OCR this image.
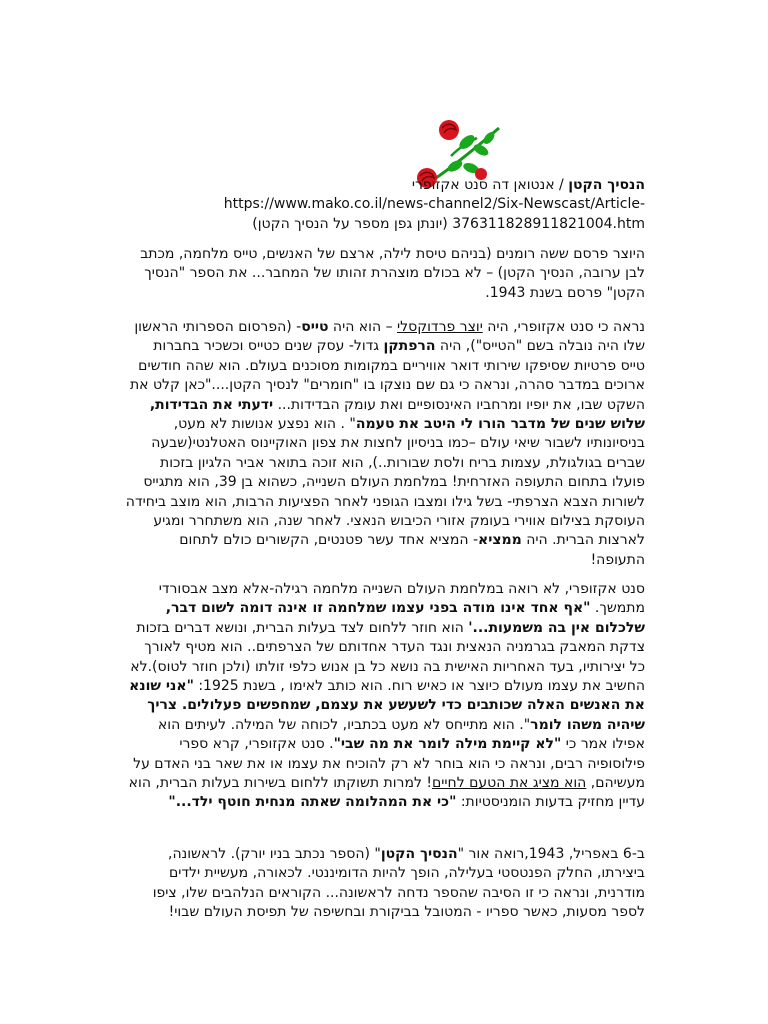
הנסיך הקטן / אנטואן דה סנט אקזופרי

https://www.mako.co.il/news-channel2/Six-Newscast/Article-

37631182891182100​4.htm (יונתן גפן מספר על הנסיך הקטן)

היוצר פרסם ששה רומנים (בניהם טיסת לילה, ארצם של האנשים, טייס מלחמה, מכתב לבן ערובה, הנסיך הקטן) – לא בכולם מוצהרת זהותו של המחבר... את הספר "הנסיך הקטן" פרסם בשנת 1943.

נראה כי סנט אקזופרי, היה יוצר פרדוקסלי – הוא היה טייס- (הפרסום הספרותי הראשון שלו היה נובלה בשם "הטייס"), היה הרפתקן גדול- עסק שנים כטייס וכשכיר בחברות טייס פרטיות שסיפקו שירותי דואר אוויריים במקומות מסוכנים בעולם. הוא שהה חודשים ארוכים במדבר סהרה, ונראה כי גם שם נוצקו בו "חומרים" לנסיך הקטן...."כאן קלט את השקט שבו, את יופיו ומרחביו האינסופיים ואת עומק הבדידות... ידעתי את הבדידות, שלוש שנים של מדבר הורו לי היטב את טעמה" . הוא נפצע אנושות לא מעט, בניסיונותיו לשבור שיאי עולם –כמו בניסיון לחצות את צפון האוקיינוס האטלנטי(שבעה שברים בגולגולת, עצמות בריח ולסת שבורות..), הוא זוכה בתואר אביר הלגיון בזכות פועלו בתחום התעופה האזרחית! במלחמת העולם השנייה, כשהוא בן 39, הוא מתגייס לשורות הצבא הצרפתי- בשל גילו ומצבו הגופני לאחר הפציעות הרבות, הוא מוצב ביחידה העוסקת בצילום אווירי בעומק אזורי הכיבוש הנאצי. לאחר שנה, הוא משתחרר ומגיע לארצות הברית. היה ממציא- המציא אחד עשר פטנטים, הקשורים כולם לתחום התעופה!

סנט אקזופרי, לא רואה במלחמת העולם השנייה מלחמה רגילה-אלא מצב אבסורדי מתמשך. "אף אחד אינו מודה בפני עצמו שמלחמה זו אינה דומה לשום דבר, שלכלום אין בה משמעות...' הוא חוזר ללחום לצד בעלות הברית, ונושא דברים בזכות צדקת המאבק בגרמניה הנאצית ונגד העדר אחדותם של הצרפתים.. הוא מטיף לאורך כל יצירותיו, בעד האחריות האישית בה נושא כל בן אנוש כלפי זולתו (ולכן חוזר לטוס).לא החשיב את עצמו מעולם כיוצר או כאיש רוח. הוא כותב לאימו , בשנת 1925: "אני שונא את האנשים האלה שכותבים כדי לשעשע את עצמם, שמחפשים פעלולים. צריך שיהיה משהו לומר". הוא מתייחס לא מעט בכתביו, לכוחה של המילה. לעיתים הוא אפילו אמר כי "לא קיימת מילה לומר את מה שבי". סנט אקזופרי, קרא ספרי פילוסופיה רבים, ונראה כי הוא בוחר לא רק להוכיח את עצמו או את שאר בני האדם על מעשיהם, הוא מציג את הטעם לחיים! למרות תשוקתו ללחום בשירות בעלות הברית, הוא עדיין מחזיק בדעות הומניסטיות: "כי את המהלומה שאתה מנחית חוטף ילד..."

ב-6 באפריל, 1943,רואה אור "הנסיך הקטן" (הספר נכתב בניו יורק). לראשונה, ביצירתו, החלק הפנטסטי בעלילה, הופך להיות הדומיננטי. לכאורה, מעשיית ילדים מודרנית, ונראה כי זו הסיבה שהספר נדחה לראשונה... הקוראים הנלהבים שלו, ציפו לספר מסעות, כאשר ספריו - המטובל בביקורת ובחשיפה של תפיסת העולם שבוי!
